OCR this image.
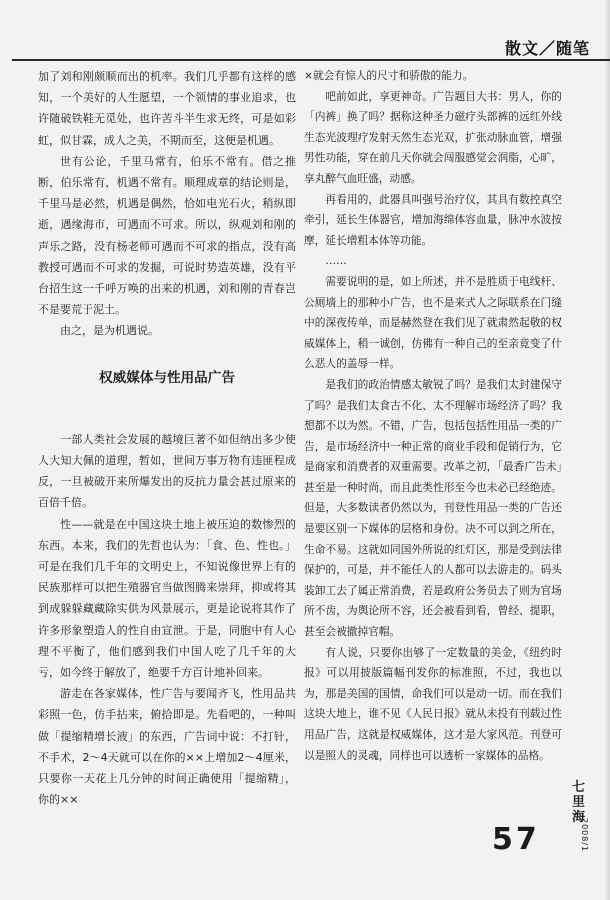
散文／随笔

加了刘和刚颇顺而出的机率。我们几乎都有这样的感知，一个美好的人生愿望，一个领情的事业追求，也许随破铁鞋无觅处，也许苦斗半生求无终，可是如彩虹，似甘霖，成人之美，不期而至，这便是机遇。

世有公论，千里马常有，伯乐不常有。借之推断，伯乐常有，机遇不常有。顺理成章的结论则是，千里马是必然，机遇是偶然，恰如电光石火，稍纵即逝，遇缘海市，可遇而不可求。所以，纵观刘和刚的声乐之路，没有杨老师可遇而不可求的指点，没有高教授可遇而不可求的发掘，可说时势造英雄，没有平台招生这一千呼万唤的出来的机遇，刘和刚的青春岂不是要荒于泥土。

由之，是为机遇说。

权威媒体与性用品广告

一部人类社会发展的越境巨著不如但纳出多少使人大知大佩的道理，暂如，世间万事万物有违匪程成反，一旦被破开来所爆发出的反抗力量会甚过原来的百倍千倍。

性——就是在中国这块土地上被压迫的数惨烈的东西。本来，我们的先哲也认为：「食、色、性也。」可是在我们几千年的文明史上，不知说像世界上有的民族那样可以把生殖器官当做图腾来崇拜，抑或将其到成躲躲藏藏除实供为风景展示，更是论说将其作了许多形象塑造人的性自由宣泄。于是，同胞中有人心理不平衡了，他们感到我们中国人吃了几千年的大亏，如今终于解放了，绝要千方百计地补回来。

游走在各家媒体，性广告与要闻齐飞，性用品共彩照一色，仿手拈来，俯拾即是。先看吧的，一种叫做「提缩精增长液」的东西，广告词中说：不打针，不手术，2～4天就可以在你的××上增加2～4厘米，只要你一天花上几分钟的时间正确使用「提缩精」，你的××

×就会有惊人的尺寸和骄傲的能力。

吧前如此，享更神奇。广告题目大书：男人，你的「内裤」换了吗？据称这种圣力磁疗头部裤的远红外线生态光波理疗发射天然生态光双，扩张动脉血管，增强男性功能，穿在前几天你就会闯服感觉会润脂，心旷，享丸醉气血旺盛，动感。

再看用的，此器具叫强号治疗仪，其具有数控真空牵引，延长生体器官，增加海绵体容血量，脉冲水波按摩，延长增粗本体等功能。

……

需要说明的是，如上所述，并不是胜质于电线杆、公厕墙上的那种小广告，也不是来式人之际联系在门缝中的深夜传单，而是赫然登在我们见了就肃然起敬的权威媒体上，稍一诚创，仿佛有一种自己的至亲竟变了什么恶人的盖辱一样。

是我们的政治情感太敏锐了吗？是我们太封建保守了吗？是我们太食古不化、太不理解市场经济了吗？我想都不以为然。不错，广告，包括包括性用品一类的广告，是市场经济中一种正常的商业手段和促销行为，它是商家和消费者的双重需要。改革之初，「最香广告未」甚至是一种时尚，而且此类性形至今也未必已经绝迹。但是，大多数读者仍然以为，刊登性用品一类的广告还是要区别一下媒体的层格和身份。决不可以到之所在，生命不易。这就如同国外所说的红灯区，那是受到法律保护的，可是，并不能任人的人都可以去游走的。码头装卸工去了属正常消费，若是政府公务员去了则为官场所不齿，为舆论所不容，还会被看到看，曾经、提职，甚至会被撤掉官帽。

有人说，只要你出够了一定数量的美金，《纽约时报》可以用披版篇幅刊发你的标准照，不过，我也以为，那是美国的国情，命我们可以是动一切。而在我们这块大地上，谁不见《人民日报》就从未投有刊载过性用品广告，这就是权威媒体，这才是大家风范。刊登可以是照人的灵魂，同样也可以透析一家媒体的品格。

57
七里海
2008/1
